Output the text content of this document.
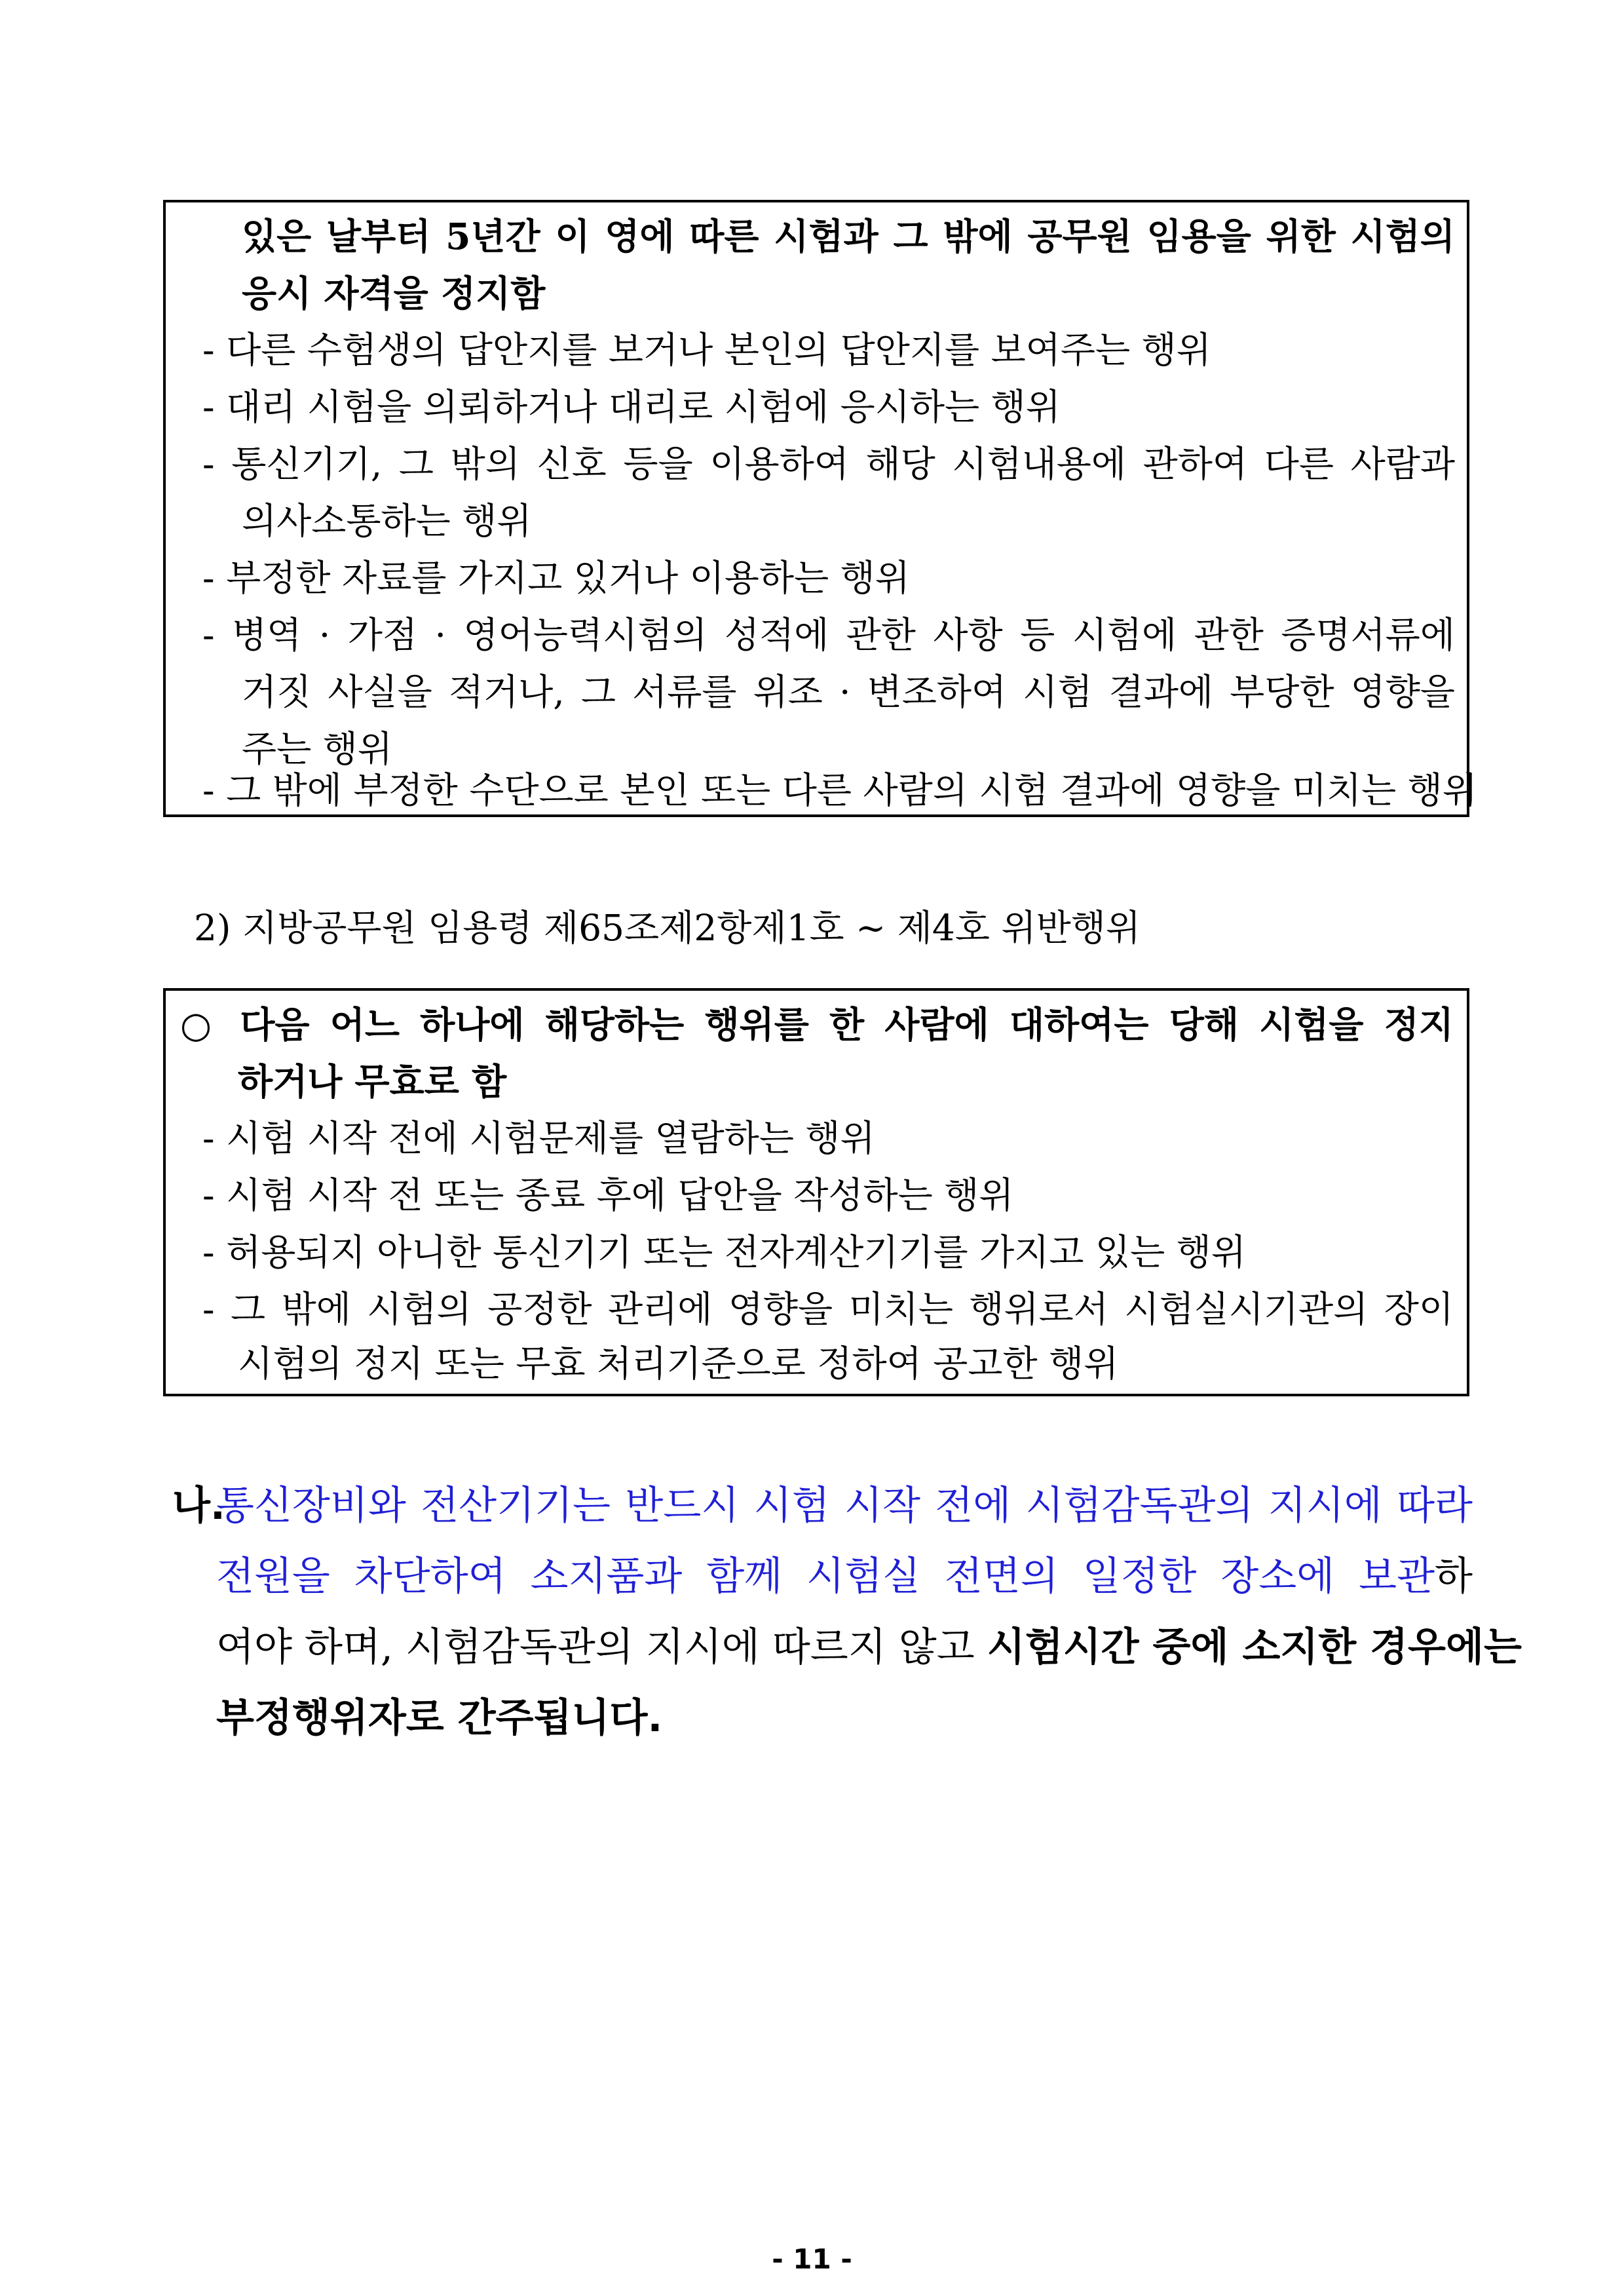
있은 날부터 5년간 이 영에 따른 시험과 그 밖에 공무원 임용을 위한 시험의
응시 자격을 정지함
- 다른 수험생의 답안지를 보거나 본인의 답안지를 보여주는 행위
- 대리 시험을 의뢰하거나 대리로 시험에 응시하는 행위
- 통신기기, 그 밖의 신호 등을 이용하여 해당 시험내용에 관하여 다른 사람과
의사소통하는 행위
- 부정한 자료를 가지고 있거나 이용하는 행위
- 병역 · 가점 · 영어능력시험의 성적에 관한 사항 등 시험에 관한 증명서류에
거짓 사실을 적거나, 그 서류를 위조 · 변조하여 시험 결과에 부당한 영향을
주는 행위
- 그 밖에 부정한 수단으로 본인 또는 다른 사람의 시험 결과에 영향을 미치는 행위
2) 지방공무원 임용령 제65조제2항제1호 ~ 제4호 위반행위
○ 다음 어느 하나에 해당하는 행위를 한 사람에 대하여는 당해 시험을 정지
하거나 무효로 함
- 시험 시작 전에 시험문제를 열람하는 행위
- 시험 시작 전 또는 종료 후에 답안을 작성하는 행위
- 허용되지 아니한 통신기기 또는 전자계산기기를 가지고 있는 행위
- 그 밖에 시험의 공정한 관리에 영향을 미치는 행위로서 시험실시기관의 장이
시험의 정지 또는 무효 처리기준으로 정하여 공고한 행위
나.
통신장비와 전산기기는 반드시 시험 시작 전에 시험감독관의 지시에 따라
전원을 차단하여 소지품과 함께 시험실 전면의 일정한 장소에 보관하
여야 하며, 시험감독관의 지시에 따르지 않고 시험시간 중에 소지한 경우에는
부정행위자로 간주됩니다.
- 11 -
